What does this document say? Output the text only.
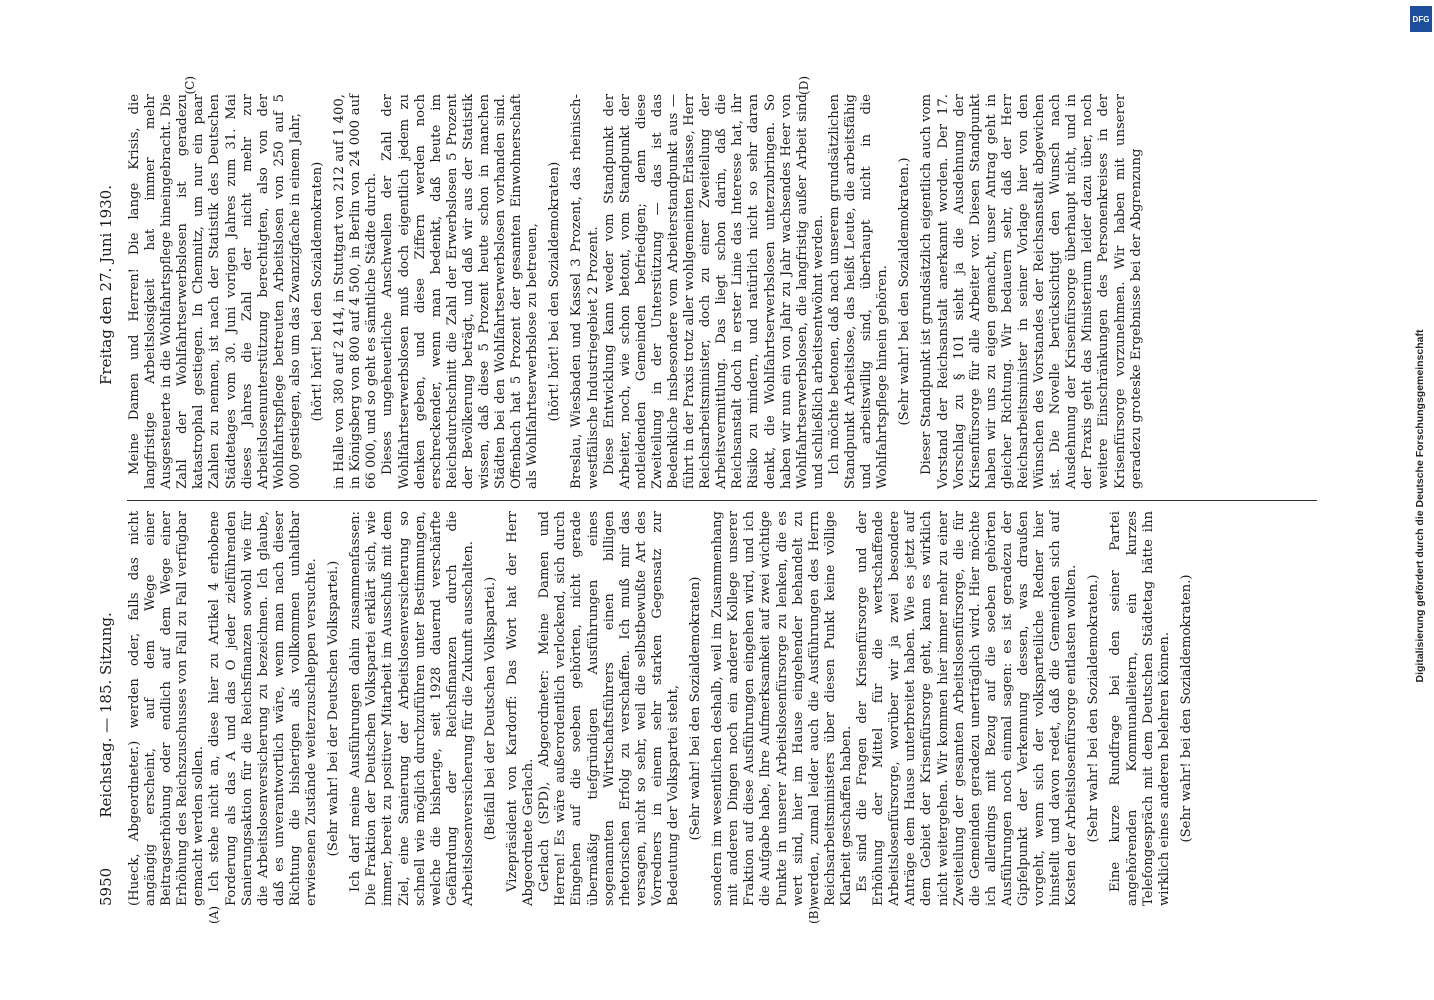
5950
Reichstag. — 185. Sitzung.
Freitag den 27. Juni 1930.
(A)	(B)
(C)	(D)

(Hueck, Abgeordneter.) werden oder, falls das nicht angängig erscheint, auf dem Wege einer Beitragserhöhung oder endlich auf dem Wege einer Erhöhung des Reichszuschusses von Fall zu Fall verfügbar gemacht werden sollen. Ich stehe nicht an, diese hier zu Artikel 4 erhobene Forderung als das A und das O jeder zielführenden Sanierungsaktion für die Reichsfinanzen sowohl wie für die Arbeitslosenversicherung zu bezeichnen. Ich glaube, daß es unverantwortlich wäre, wenn man nach dieser Richtung die bisherigen als vollkommen unhaltbar erwiesenen Zustände weiterzuschleppen versuchte. (Sehr wahr! bei der Deutschen Volkspartei.) Ich darf meine Ausführungen dahin zusammenfassen: Die Fraktion der Deutschen Volkspartei erklärt sich, wie immer, bereit zu positiver Mitarbeit im Ausschuß mit dem Ziel, eine Sanierung der Arbeitslosenversicherung so schnell wie möglich durchzuführen unter Bestimmungen, welche die bisherige, seit 1928 dauernd verschärfte Gefährdung der Reichsfinanzen durch die Arbeitslosenversicherung für die Zukunft ausschalten. (Beifall bei der Deutschen Volkspartei.) Vizepräsident von Kardorff: Das Wort hat der Herr Abgeordnete Gerlach. Gerlach (SPD), Abgeordneter: Meine Damen und Herren! Es wäre außerordentlich verlockend, sich durch Eingehen auf die soeben gehörten, nicht gerade übermäßig tiefgründigen Ausführungen eines sogenannten Wirtschaftsführers einen billigen rhetorischen Erfolg zu verschaffen. Ich muß mir das versagen, nicht so sehr, weil die selbstbewußte Art des Vorredners in einem sehr starken Gegensatz zur Bedeutung der Volkspartei steht, (Sehr wahr! bei den Sozialdemokraten) sondern im wesentlichen deshalb, weil im Zusammenhang mit anderen Dingen noch ein anderer Kollege unserer Fraktion auf diese Ausführungen eingehen wird, und ich die Aufgabe habe, Ihre Aufmerksamkeit auf zwei wichtige Punkte in unserer Arbeitslosenfürsorge zu lenken, die es wert sind, hier im Hause eingehender behandelt zu werden, zumal leider auch die Ausführungen des Herrn Reichsarbeitsministers über diesen Punkt keine völlige Klarheit geschaffen haben. Es sind die Fragen der Krisenfürsorge und der Erhöhung der Mittel für die wertschaffende Arbeitslosenfürsorge, worüber wir ja zwei besondere Anträge dem Hause unterbreitet haben. Wie es jetzt auf dem Gebiet der Krisenfürsorge geht, kann es wirklich nicht weitergehen. Wir kommen hier immer mehr zu einer Zweiteilung der gesamten Arbeitslosenfürsorge, die für die Gemeinden geradezu unerträglich wird. Hier möchte ich allerdings mit Bezug auf die soeben gehörten Ausführungen noch einmal sagen: es ist geradezu der Gipfelpunkt der Verkennung dessen, was draußen vorgeht, wenn sich der volksparteiliche Redner hier hinstellt und davon redet, daß die Gemeinden sich auf Kosten der Arbeitslosenfürsorge entlasten wollten. (Sehr wahr! bei den Sozialdemokraten.) Eine kurze Rundfrage bei den seiner Partei angehörenden Kommunalleitern, ein kurzes Telefongespräch mit dem Deutschen Städtetag hätte ihn wirklich eines anderen belehren können. (Sehr wahr! bei den Sozialdemokraten.)

Meine Damen und Herren! Die lange Krisis, die langfristige Arbeitslosigkeit hat immer mehr Ausgesteuerte in die Wohlfahrtspflege hineingebracht. Die Zahl der Wohlfahrtserwerbslosen ist geradezu katastrophal gestiegen. In Chemnitz, um nur ein paar Zahlen zu nennen, ist nach der Statistik des Deutschen Städtetages vom 30. Juni vorigen Jahres zum 31. Mai dieses Jahres die Zahl der nicht mehr zur Arbeitslosenunterstützung berechtigten, also von der Wohlfahrtspflege betreuten Arbeitslosen von 250 auf 5 000 gestiegen, also um das Zwanzigfache in einem Jahr, (hört! hört! bei den Sozialdemokraten) in Halle von 380 auf 2 414, in Stuttgart von 212 auf 1 400, in Königsberg von 800 auf 4 500, in Berlin von 24 000 auf 66 000, und so geht es sämtliche Städte durch. Dieses ungeheuerliche Anschwellen der Zahl der Wohlfahrtserwerbslosen muß doch eigentlich jedem zu denken geben, und diese Ziffern werden noch erschreckender, wenn man bedenkt, daß heute im Reichsdurchschnitt die Zahl der Erwerbslosen 5 Prozent der Bevölkerung beträgt, und daß wir aus der Statistik wissen, daß diese 5 Prozent heute schon in manchen Städten bei den Wohlfahrtserwerbslosen vorhanden sind. Offenbach hat 5 Prozent der gesamten Einwohnerschaft als Wohlfahrtserwerbslose zu betreuen, (hört! hört! bei den Sozialdemokraten) Breslau, Wiesbaden und Kassel 3 Prozent, das rheinisch-westfälische Industriegebiet 2 Prozent. Diese Entwicklung kann weder vom Standpunkt der Arbeiter, noch, wie schon betont, vom Standpunkt der notleidenden Gemeinden befriedigen; denn diese Zweiteilung in der Unterstützung — das ist das Bedenkliche insbesondere vom Arbeiterstandpunkt aus — führt in der Praxis trotz aller wohlgemeinten Erlasse, Herr Reichsarbeitsminister, doch zu einer Zweiteilung der Arbeitsvermittlung. Das liegt schon darin, daß die Reichsanstalt doch in erster Linie das Interesse hat, ihr Risiko zu mindern, und natürlich nicht so sehr daran denkt, die Wohlfahrtserwerbslosen unterzubringen. So haben wir nun ein von Jahr zu Jahr wachsendes Heer von Wohlfahrtserwerbslosen, die langfristig außer Arbeit sind und schließlich arbeitsentwöhnt werden. Ich möchte betonen, daß nach unserem grundsätzlichen Standpunkt Arbeitslose, das heißt Leute, die arbeitsfähig und arbeitswillig sind, überhaupt nicht in die Wohlfahrtspflege hinein gehören. (Sehr wahr! bei den Sozialdemokraten.) Dieser Standpunkt ist grundsätzlich eigentlich auch vom Vorstand der Reichsanstalt anerkannt worden. Der 17. Vorschlag zu § 101 sieht ja die Ausdehnung der Krisenfürsorge für alle Arbeiter vor. Diesen Standpunkt haben wir uns zu eigen gemacht, unser Antrag geht in gleicher Richtung. Wir bedauern sehr, daß der Herr Reichsarbeitsminister in seiner Vorlage hier von den Wünschen des Vorstandes der Reichsanstalt abgewichen ist. Die Novelle berücksichtigt den Wunsch nach Ausdehnung der Krisenfürsorge überhaupt nicht, und in der Praxis geht das Ministerium leider dazu über, noch weitere Einschränkungen des Personenkreises in der Krisenfürsorge vorzunehmen. Wir haben mit unserer geradezu groteske Ergebnisse bei der Abgrenzung

Digitalisierung gefördert durch die Deutsche Forschungsgemeinschaft
DFG
